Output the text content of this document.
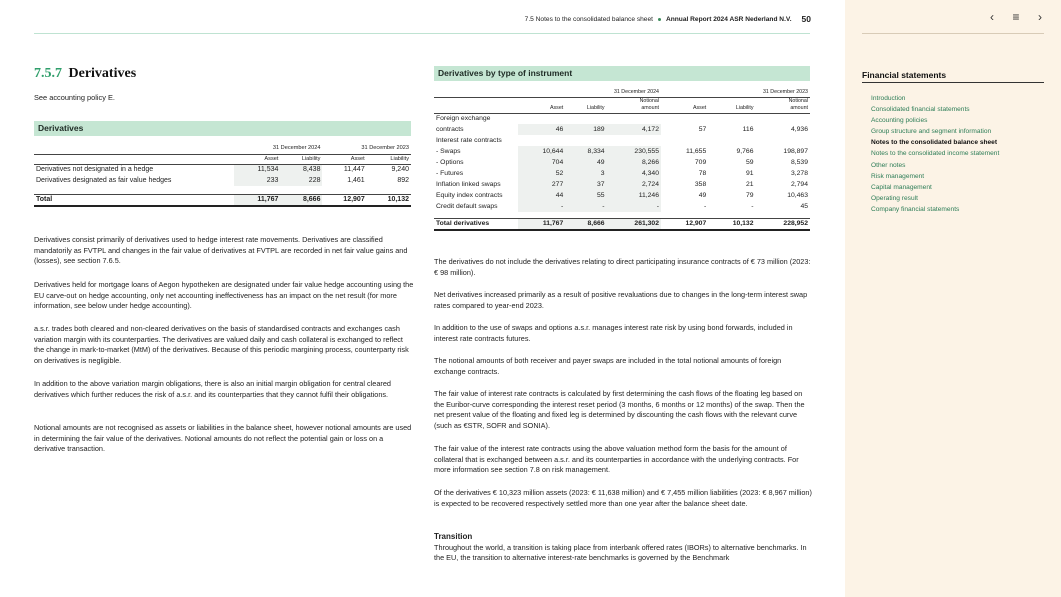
7.5 Notes to the consolidated balance sheet Annual Report 2024 ASR Nederland N.V. 50
7.5.7 Derivatives
See accounting policy E.
Derivatives
	31 December 2024		31 December 2023	
	Asset	Liability	Asset	Liability
Derivatives not designated in a hedge	11,534	8,438	11,447	9,240
Derivatives designated as fair value hedges	233	228	1,461	892

Total	11,767	8,666	12,907	10,132

Derivatives consist primarily of derivatives used to hedge interest rate movements. Derivatives are classified mandatorily as FVTPL and changes in the fair value of derivatives at FVTPL are recorded in net fair value gains and (losses), see section 7.6.5.

Derivatives held for mortgage loans of Aegon hypotheken are designated under fair value hedge accounting using the EU carve-out on hedge accounting, only net accounting ineffectiveness has an impact on the net result (for more information, see below under hedge accounting).

a.s.r. trades both cleared and non-cleared derivatives on the basis of standardised contracts and exchanges cash variation margin with its counterparties. The derivatives are valued daily and cash collateral is exchanged to reflect the change in mark-to-market (MtM) of the derivatives. Because of this periodic margining process, counterparty risk on derivatives is negligible.

In addition to the above variation margin obligations, there is also an initial margin obligation for central cleared derivatives which further reduces the risk of a.s.r. and its counterparties that they cannot fulfil their obligations.

Notional amounts are not recognised as assets or liabilities in the balance sheet, however notional amounts are used in determining the fair value of the derivatives. Notional amounts do not reflect the potential gain or loss on a derivative transaction.

Derivatives by type of instrument
	31 December 2024			31 December 2023		
			Notional			Notional
	Asset	Liability	amount	Asset	Liability	amount
Foreign exchange						
contracts	46	189	4,172	57	116	4,936
Interest rate contracts						
- Swaps	10,644	8,334	230,555	11,655	9,766	198,897
- Options	704	49	8,266	709	59	8,539
- Futures	52	3	4,340	78	91	3,278
Inflation linked swaps	277	37	2,724	358	21	2,794
Equity index contracts	44	55	11,246	49	79	10,463
Credit default swaps	-	-	-	-	-	45

Total derivatives	11,767	8,666	261,302	12,907	10,132	228,952

The derivatives do not include the derivatives relating to direct participating insurance contracts of € 73 million (2023: € 98 million).

Net derivatives increased primarily as a result of positive revaluations due to changes in the long-term interest swap rates compared to year-end 2023.

In addition to the use of swaps and options a.s.r. manages interest rate risk by using bond forwards, included in interest rate contracts futures.

The notional amounts of both receiver and payer swaps are included in the total notional amounts of foreign exchange contracts.

The fair value of interest rate contracts is calculated by first determining the cash flows of the floating leg based on the Euribor-curve corresponding the interest reset period (3 months, 6 months or 12 months) of the swap. Then the net present value of the floating and fixed leg is determined by discounting the cash flows with the relevant curve (such as €STR, SOFR and SONIA).

The fair value of the interest rate contracts using the above valuation method form the basis for the amount of collateral that is exchanged between a.s.r. and its counterparties in accordance with the underlying contracts. For more information see section 7.8 on risk management.

Of the derivatives € 10,323 million assets (2023: € 11,638 million) and € 7,455 million liabilities (2023: € 8,967 million) is expected to be recovered respectively settled more than one year after the balance sheet date.

Transition
Throughout the world, a transition is taking place from interbank offered rates (IBORs) to alternative benchmarks. In the EU, the transition to alternative interest-rate benchmarks is governed by the Benchmark
‹	≡	›
Financial statements
Introduction
Consolidated financial statements
Accounting policies
Group structure and segment information
Notes to the consolidated balance sheet
Notes to the consolidated income statement
Other notes
Risk management
Capital management
Operating result
Company financial statements
